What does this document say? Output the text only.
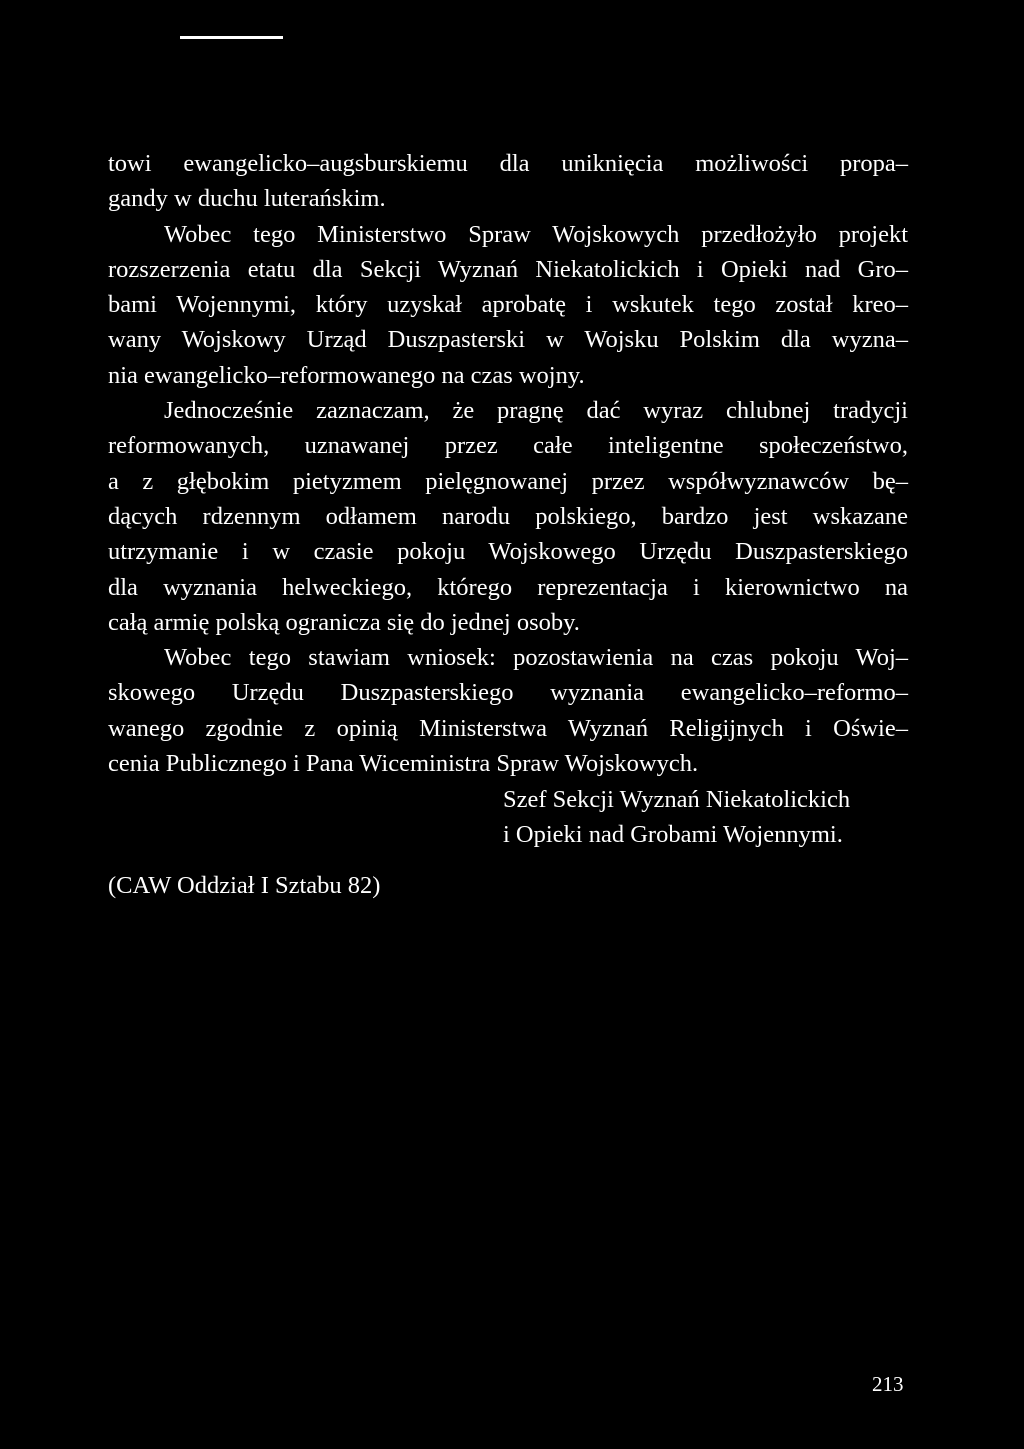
towi ewangelicko–augsburskiemu dla uniknięcia możliwości propa–
gandy w duchu luterańskim.
Wobec tego Ministerstwo Spraw Wojskowych przedłożyło projekt
rozszerzenia etatu dla Sekcji Wyznań Niekatolickich i Opieki nad Gro–
bami Wojennymi, który uzyskał aprobatę i wskutek tego został kreo–
wany Wojskowy Urząd Duszpasterski w Wojsku Polskim dla wyzna–
nia ewangelicko–reformowanego na czas wojny.
Jednocześnie zaznaczam, że pragnę dać wyraz chlubnej tradycji
reformowanych, uznawanej przez całe inteligentne społeczeństwo,
a z głębokim pietyzmem pielęgnowanej przez współwyznawców bę–
dących rdzennym odłamem narodu polskiego, bardzo jest wskazane
utrzymanie i w czasie pokoju Wojskowego Urzędu Duszpasterskiego
dla wyznania helweckiego, którego reprezentacja i kierownictwo na
całą armię polską ogranicza się do jednej osoby.
Wobec tego stawiam wniosek: pozostawienia na czas pokoju Woj–
skowego Urzędu Duszpasterskiego wyznania ewangelicko–reformo–
wanego zgodnie z opinią Ministerstwa Wyznań Religijnych i Oświe–
cenia Publicznego i Pana Wiceministra Spraw Wojskowych.
Szef Sekcji Wyznań Niekatolickich
i Opieki nad Grobami Wojennymi.
(CAW Oddział I Sztabu 82)
213
